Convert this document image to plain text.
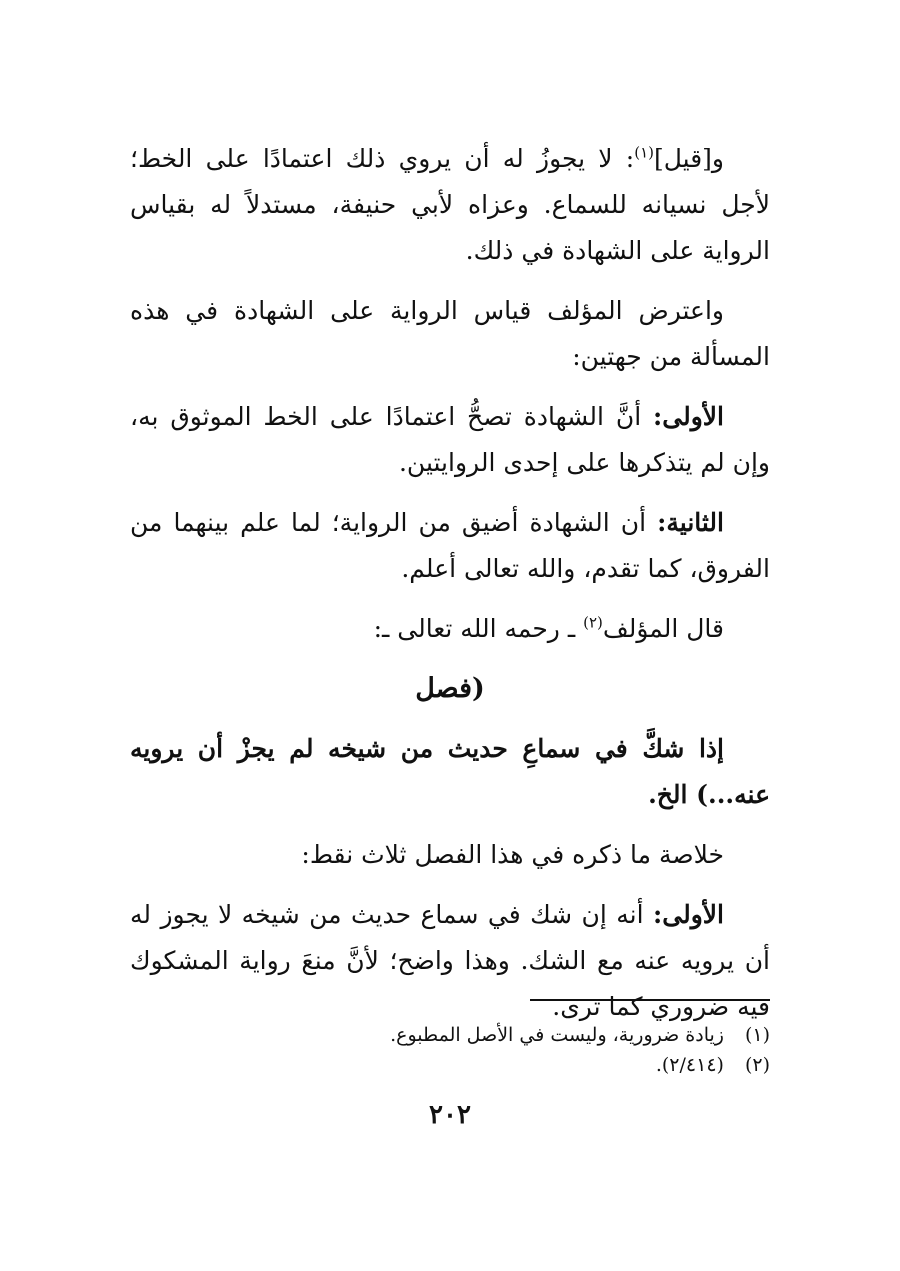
و[قيل]$^{(١)}$: لا يجوزُ له أن يروي ذلك اعتمادًا على الخط؛ لأجل نسيانه للسماع. وعزاه لأبي حنيفة، مستدلاً له بقياس الرواية على الشهادة في ذلك.

واعترض المؤلف قياس الرواية على الشهادة في هذه المسألة من جهتين:

الأولى: أنَّ الشهادة تصحُّ اعتمادًا على الخط الموثوق به، وإن لم يتذكرها على إحدى الروايتين.

الثانية: أن الشهادة أضيق من الرواية؛ لما علم بينهما من الفروق، كما تقدم، والله تعالى أعلم.

قال المؤلف$^{(٢)}$ ـ رحمه الله تعالى ـ:

(فصل

إذا شكَّ في سماعِ حديث من شيخه لم يجزْ أن يرويه عنه...) الخ.

خلاصة ما ذكره في هذا الفصل ثلاث نقط:

الأولى: أنه إن شك في سماع حديث من شيخه لا يجوز له أن يرويه عنه مع الشك. وهذا واضح؛ لأنَّ منعَ رواية المشكوك فيه ضروري كما ترى.

(١) زيادة ضرورية، وليست في الأصل المطبوع.

(٢) (٢/٤١٤).

٢٠٢
